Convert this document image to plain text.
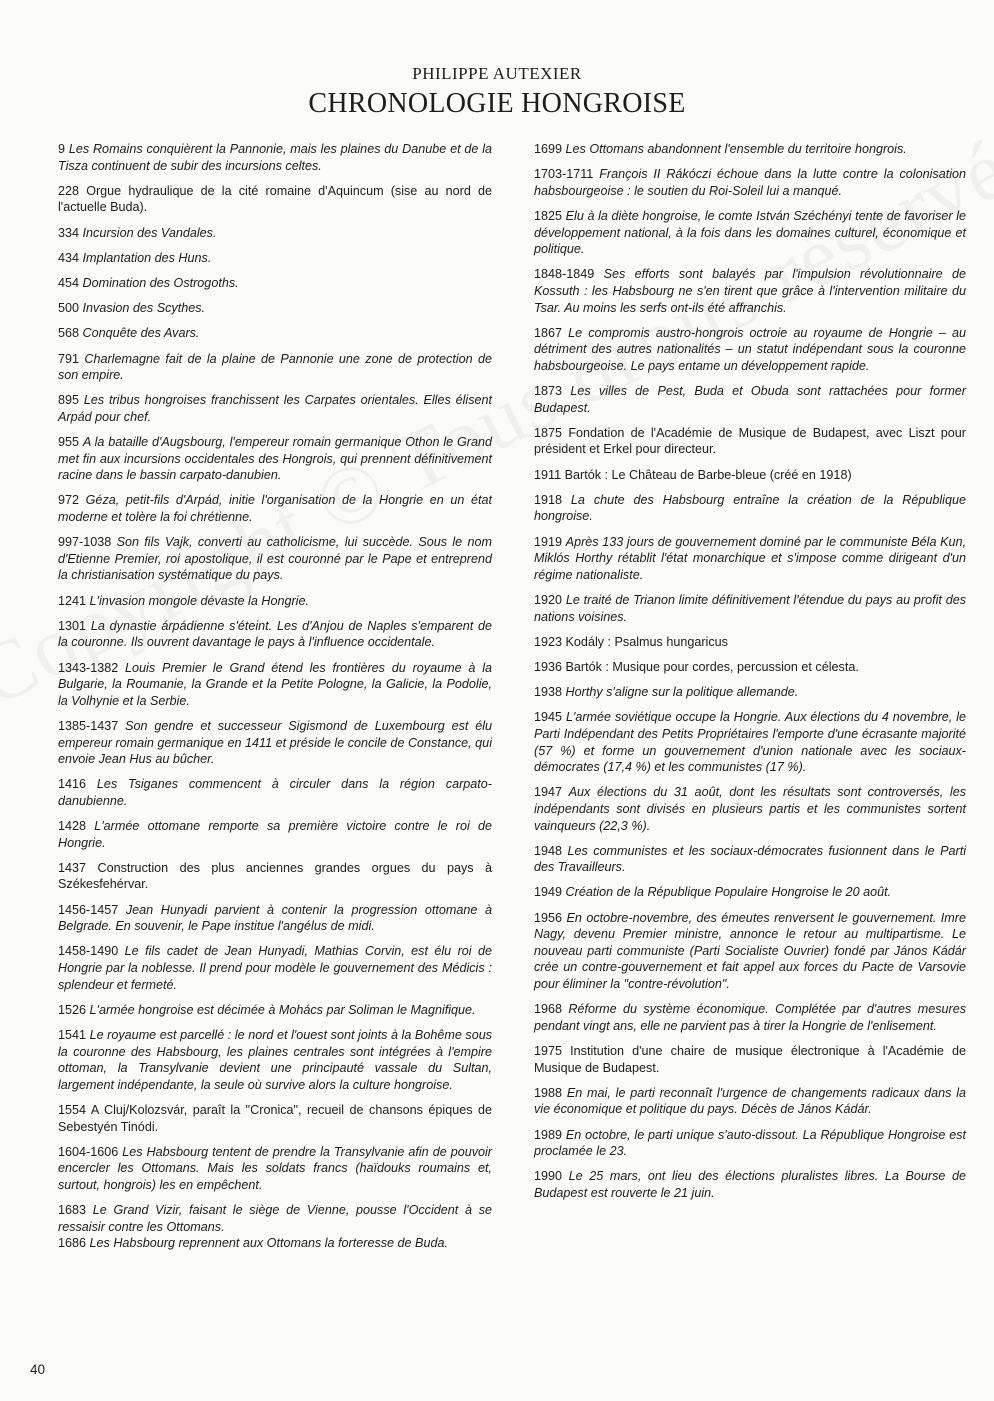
PHILIPPE AUTEXIER
CHRONOLOGIE HONGROISE
9 Les Romains conquièrent la Pannonie, mais les plaines du Danube et de la Tisza continuent de subir des incursions celtes.
228 Orgue hydraulique de la cité romaine d'Aquincum (sise au nord de l'actuelle Buda).
334 Incursion des Vandales.
434 Implantation des Huns.
454 Domination des Ostrogoths.
500 Invasion des Scythes.
568 Conquête des Avars.
791 Charlemagne fait de la plaine de Pannonie une zone de protection de son empire.
895 Les tribus hongroises franchissent les Carpates orientales. Elles élisent Arpád pour chef.
955 A la bataille d'Augsbourg, l'empereur romain germanique Othon le Grand met fin aux incursions occidentales des Hongrois, qui prennent définitivement racine dans le bassin carpato-danubien.
972 Géza, petit-fils d'Arpád, initie l'organisation de la Hongrie en un état moderne et tolère la foi chrétienne.
997-1038 Son fils Vajk, converti au catholicisme, lui succède. Sous le nom d'Etienne Premier, roi apostolique, il est couronné par le Pape et entreprend la christianisation systématique du pays.
1241 L'invasion mongole dévaste la Hongrie.
1301 La dynastie árpádienne s'éteint. Les d'Anjou de Naples s'emparent de la couronne. Ils ouvrent davantage le pays à l'influence occidentale.
1343-1382 Louis Premier le Grand étend les frontières du royaume à la Bulgarie, la Roumanie, la Grande et la Petite Pologne, la Galicie, la Podolie, la Volhynie et la Serbie.
1385-1437 Son gendre et successeur Sigismond de Luxembourg est élu empereur romain germanique en 1411 et préside le concile de Constance, qui envoie Jean Hus au bûcher.
1416 Les Tsiganes commencent à circuler dans la région carpato-danubienne.
1428 L'armée ottomane remporte sa première victoire contre le roi de Hongrie.
1437 Construction des plus anciennes grandes orgues du pays à Székesfehérvar.
1456-1457 Jean Hunyadi parvient à contenir la progression ottomane à Belgrade. En souvenir, le Pape institue l'angélus de midi.
1458-1490 Le fils cadet de Jean Hunyadi, Mathias Corvin, est élu roi de Hongrie par la noblesse. Il prend pour modèle le gouvernement des Médicis : splendeur et fermeté.
1526 L'armée hongroise est décimée à Mohács par Soliman le Magnifique.
1541 Le royaume est parcellé : le nord et l'ouest sont joints à la Bohême sous la couronne des Habsbourg, les plaines centrales sont intégrées à l'empire ottoman, la Transylvanie devient une principauté vassale du Sultan, largement indépendante, la seule où survive alors la culture hongroise.
1554 A Cluj/Kolozsvár, paraît la "Cronica", recueil de chansons épiques de Sebestyén Tinódi.
1604-1606 Les Habsbourg tentent de prendre la Transylvanie afin de pouvoir encercler les Ottomans. Mais les soldats francs (haïdouks roumains et, surtout, hongrois) les en empêchent.
1683 Le Grand Vizir, faisant le siège de Vienne, pousse l'Occident à se ressaisir contre les Ottomans.
1686 Les Habsbourg reprennent aux Ottomans la forteresse de Buda.
1699 Les Ottomans abandonnent l'ensemble du territoire hongrois.
1703-1711 François II Rákóczi échoue dans la lutte contre la colonisation habsbourgeoise : le soutien du Roi-Soleil lui a manqué.
1825 Elu à la diète hongroise, le comte István Széchényi tente de favoriser le développement national, à la fois dans les domaines culturel, économique et politique.
1848-1849 Ses efforts sont balayés par l'impulsion révolutionnaire de Kossuth : les Habsbourg ne s'en tirent que grâce à l'intervention militaire du Tsar. Au moins les serfs ont-ils été affranchis.
1867 Le compromis austro-hongrois octroie au royaume de Hongrie – au détriment des autres nationalités – un statut indépendant sous la couronne habsbourgeoise. Le pays entame un développement rapide.
1873 Les villes de Pest, Buda et Obuda sont rattachées pour former Budapest.
1875 Fondation de l'Académie de Musique de Budapest, avec Liszt pour président et Erkel pour directeur.
1911 Bartók : Le Château de Barbe-bleue (créé en 1918)
1918 La chute des Habsbourg entraîne la création de la République hongroise.
1919 Après 133 jours de gouvernement dominé par le communiste Béla Kun, Miklós Horthy rétablit l'état monarchique et s'impose comme dirigeant d'un régime nationaliste.
1920 Le traité de Trianon limite définitivement l'étendue du pays au profit des nations voisines.
1923 Kodály : Psalmus hungaricus
1936 Bartók : Musique pour cordes, percussion et célesta.
1938 Horthy s'aligne sur la politique allemande.
1945 L'armée soviétique occupe la Hongrie. Aux élections du 4 novembre, le Parti Indépendant des Petits Propriétaires l'emporte d'une écrasante majorité (57 %) et forme un gouvernement d'union nationale avec les sociaux-démocrates (17,4 %) et les communistes (17 %).
1947 Aux élections du 31 août, dont les résultats sont controversés, les indépendants sont divisés en plusieurs partis et les communistes sortent vainqueurs (22,3 %).
1948 Les communistes et les sociaux-démocrates fusionnent dans le Parti des Travailleurs.
1949 Création de la République Populaire Hongroise le 20 août.
1956 En octobre-novembre, des émeutes renversent le gouvernement. Imre Nagy, devenu Premier ministre, annonce le retour au multipartisme. Le nouveau parti communiste (Parti Socialiste Ouvrier) fondé par János Kádár crée un contre-gouvernement et fait appel aux forces du Pacte de Varsovie pour éliminer la "contre-révolution".
1968 Réforme du système économique. Complétée par d'autres mesures pendant vingt ans, elle ne parvient pas à tirer la Hongrie de l'enlisement.
1975 Institution d'une chaire de musique électronique à l'Académie de Musique de Budapest.
1988 En mai, le parti reconnaît l'urgence de changements radicaux dans la vie économique et politique du pays. Décès de János Kádár.
1989 En octobre, le parti unique s'auto-dissout. La République Hongroise est proclamée le 23.
1990 Le 25 mars, ont lieu des élections pluralistes libres. La Bourse de Budapest est rouverte le 21 juin.
40
